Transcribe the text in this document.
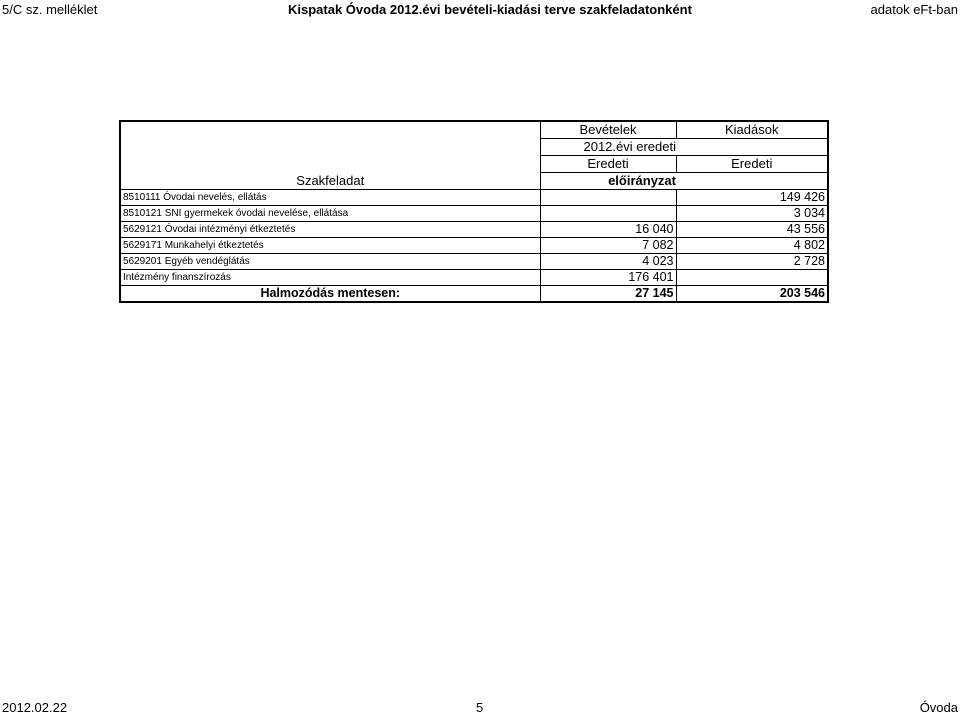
5/C sz. melléklet	Kispatak Óvoda 2012.évi bevételi-kiadási terve szakfeladatonként	adatok eFt-ban
	Bevételek	Kiadások
	2012.évi eredeti	
	Eredeti	Eredeti
Szakfeladat	előirányzat	
8510111 Óvodai nevelés, ellátás		149 426
8510121 SNI gyermekek óvodai nevelése, ellátása		3 034
5629121 Óvodai intézményi étkeztetés	16 040	43 556
5629171 Munkahelyi étkeztetés	7 082	4 802
5629201 Egyéb vendéglátás	4 023	2 728
Intézmény finanszírozás	176 401	
Halmozódás mentesen:	27 145	203 546
2012.02.22	5	Óvoda
